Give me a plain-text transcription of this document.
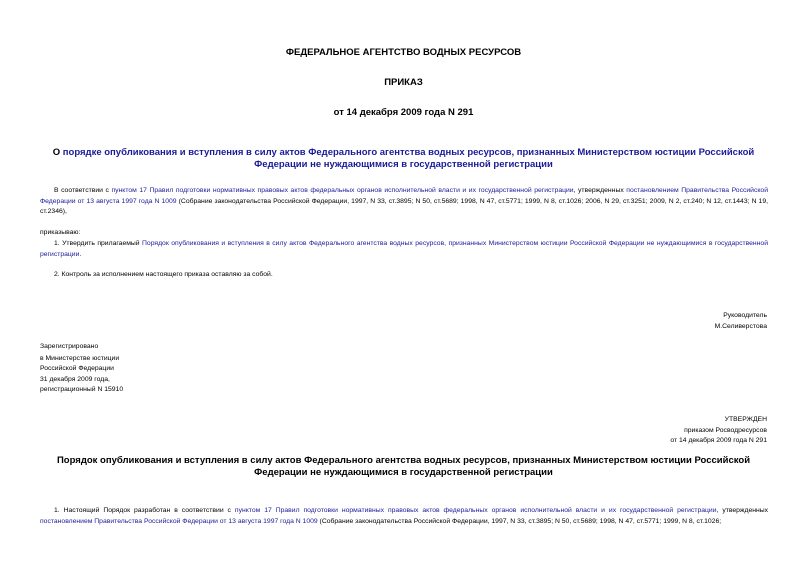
ФЕДЕРАЛЬНОЕ АГЕНТСТВО ВОДНЫХ РЕСУРСОВ
ПРИКАЗ
от 14 декабря 2009 года N 291
О порядке опубликования и вступления в силу актов Федерального агентства водных ресурсов, признанных Министерством юстиции Российской Федерации не нуждающимися в государственной регистрации
В соответствии с пунктом 17 Правил подготовки нормативных правовых актов федеральных органов исполнительной власти и их государственной регистрации, утвержденных постановлением Правительства Российской Федерации от 13 августа 1997 года N 1009 (Собрание законодательства Российской Федерации, 1997, N 33, ст.3895; N 50, ст.5689; 1998, N 47, ст.5771; 1999, N 8, ст.1026; 2006, N 29, ст.3251; 2009, N 2, ст.240; N 12, ст.1443; N 19, ст.2346),
приказываю:
1. Утвердить прилагаемый Порядок опубликования и вступления в силу актов Федерального агентства водных ресурсов, признанных Министерством юстиции Российской Федерации не нуждающимися в государственной регистрации.
2. Контроль за исполнением настоящего приказа оставляю за собой.
Руководитель
М.Селиверстова
Зарегистрировано
в Министерстве юстиции
Российской Федерации
31 декабря 2009 года,
регистрационный N 15910
УТВЕРЖДЕН
приказом Росводресурсов
от 14 декабря 2009 года N 291
Порядок опубликования и вступления в силу актов Федерального агентства водных ресурсов, признанных Министерством юстиции Российской Федерации не нуждающимися в государственной регистрации
1. Настоящий Порядок разработан в соответствии с пунктом 17 Правил подготовки нормативных правовых актов федеральных органов исполнительной власти и их государственной регистрации, утвержденных постановлением Правительства Российской Федерации от 13 августа 1997 года N 1009 (Собрание законодательства Российской Федерации, 1997, N 33, ст.3895; N 50, ст.5689; 1998, N 47, ст.5771; 1999, N 8, ст.1026;
